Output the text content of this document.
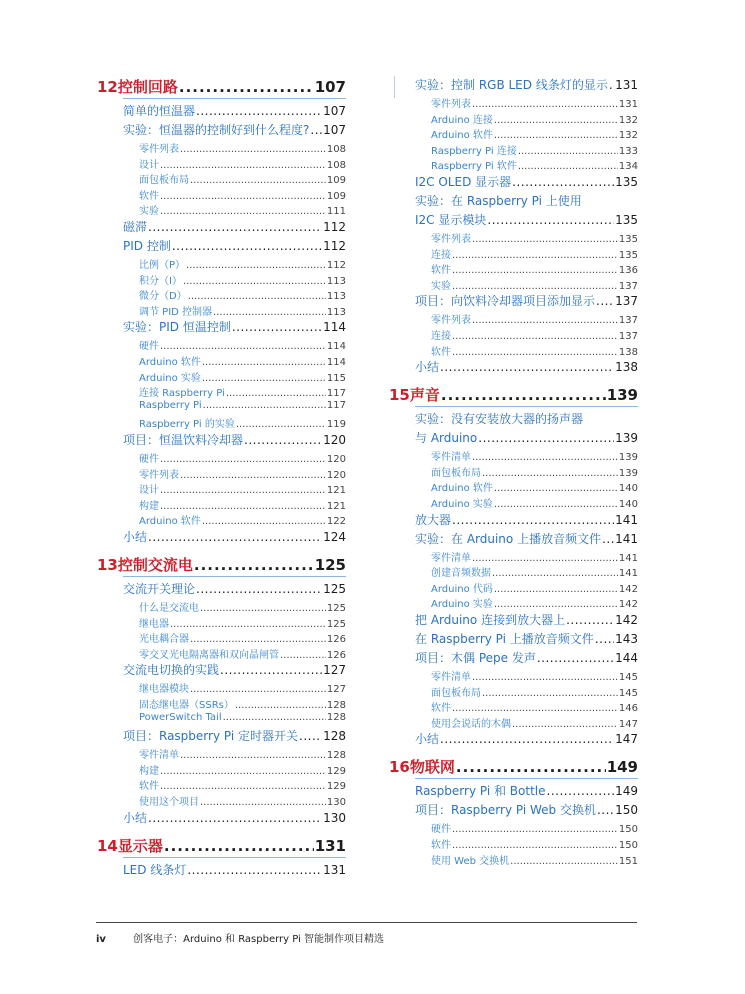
12 控制回路 .....	107
简单的恒温器 .....	107
实验：恒温器的控制好到什么程度? ..... 107
零件列表 .....	108
设计 .....	108
面包板布局 .....	109
软件 .....	109
实验 .....	111
磁滞 .....	112
PID 控制 .....	112
比例（P） .....	112
积分（I） .....	113
微分（D） .....	113
调节 PID 控制器 .....	113
实验：PID 恒温控制 .....	114
硬件 .....	114
Arduino 软件 .....	114
Arduino 实验 .....	115
连接 Raspberry Pi .....	117
Raspberry Pi .....	117
Raspberry Pi 的实验 .....	119
项目：恒温饮料冷却器 .....	120
硬件 .....	120
零件列表 .....	120
设计 .....	121
构建 .....	121
Arduino 软件 .....	122
小结 .....	124
13 控制交流电 .....	125
交流开关理论 .....	125
什么是交流电 .....	125
继电器 .....	125
光电耦合器 .....	126
零交叉光电隔离器和双向晶闸管 .....	126
交流电切换的实践 .....	127
继电器模块 .....	127
固态继电器（SSRs） .....	128
PowerSwitch Tail .....	128
项目：Raspberry Pi 定时器开关 ..... 128
零件清单 .....	128
构建 .....	129
软件 .....	129
使用这个项目 .....	130
小结 .....	130
14 显示器 .....	131
LED 线条灯 .....	131
实验：控制 RGB LED 线条灯的显示 ..... 131
零件列表 .....	131
Arduino 连接 .....	132
Arduino 软件 .....	132
Raspberry Pi 连接 .....	133
Raspberry Pi 软件 .....	134
I2C OLED 显示器 .....	135
实验：在 Raspberry Pi 上使用
I2C 显示模块 .....	135
零件列表 .....	135
连接 .....	135
软件 .....	136
实验 .....	137
项目：向饮料冷却器项目添加显示 ..... 137
零件列表 .....	137
连接 .....	137
软件 .....	138
小结 .....	138
15 声音 .....	139
实验：没有安装放大器的扬声器
与 Arduino .....	139
零件清单 .....	139
面包板布局 .....	139
Arduino 软件 .....	140
Arduino 实验 .....	140
放大器 .....	141
实验：在 Arduino 上播放音频文件 ..... 141
零件清单 .....	141
创建音频数据 .....	141
Arduino 代码 .....	142
Arduino 实验 .....	142
把 Arduino 连接到放大器上 .....	142
在 Raspberry Pi 上播放音频文件 ..... 143
项目：木偶 Pepe 发声 .....	144
零件清单 .....	145
面包板布局 .....	145
软件 .....	146
使用会说话的木偶 .....	147
小结 .....	147
16 物联网 .....	149
Raspberry Pi 和 Bottle .....	149
项目：Raspberry Pi Web 交换机 ..... 150
硬件 .....	150
软件 .....	150
使用 Web 交换机 .....	151
iv	创客电子：Arduino 和 Raspberry Pi 智能制作项目精选
